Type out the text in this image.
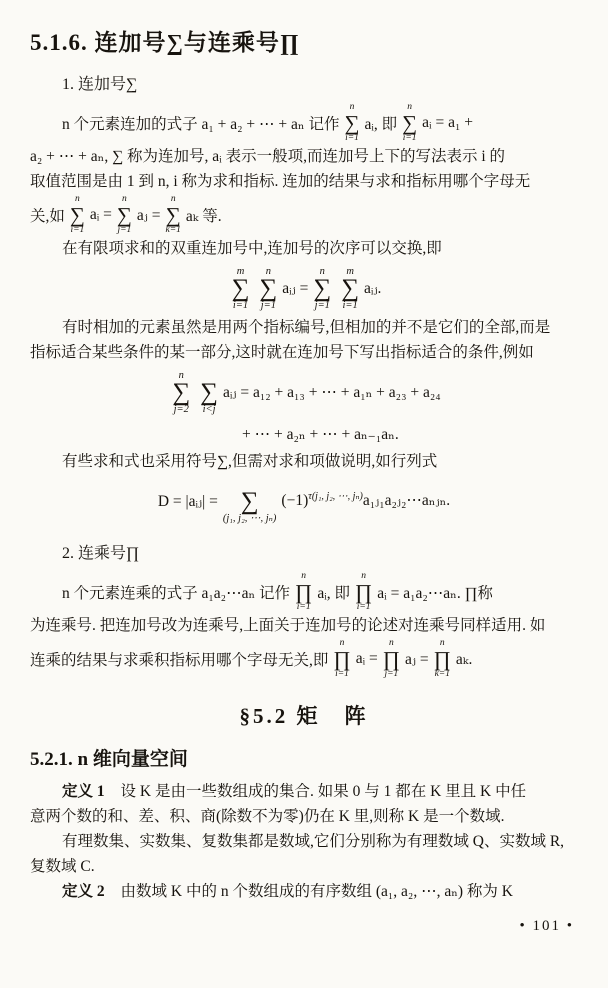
5.1.6. 连加号∑与连乘号∏
1. 连加号∑
n 个元素连加的式子 a₁ + a₂ + ⋯ + aₙ 记作
n
∑
i=1
aᵢ, 即
n
∑
i=1
aᵢ = a₁ +
a₂ + ⋯ + aₙ, ∑ 称为连加号, aᵢ 表示一般项,而连加号上下的写法表示 i 的
取值范围是由 1 到 n, i 称为求和指标. 连加的结果与求和指标用哪个字母无
关,如
n
∑
i=1
aᵢ =
n
∑
j=1
aⱼ =
n
∑
k=1
aₖ 等.
在有限项求和的双重连加号中,连加号的次序可以交换,即
m
∑
i=1
n
∑
j=1
aᵢⱼ =
n
∑
j=1
m
∑
i=1
aᵢⱼ.
有时相加的元素虽然是用两个指标编号,但相加的并不是它们的全部,而是
指标适合某些条件的某一部分,这时就在连加号下写出指标适合的条件,例如
n
∑
j=2
∑
i<j
aᵢⱼ = a₁₂ + a₁₃ + ⋯ + a₁ₙ + a₂₃ + a₂₄
+ ⋯ + a₂ₙ + ⋯ + aₙ₋₁aₙ.
有些求和式也采用符号∑,但需对求和项做说明,如行列式
D = |aᵢⱼ| = ∑
(j₁, j₂, ⋯, jₙ)
$(-1)^{\tau(j_1, j_2, \cdots, j_n)}a_1ⱼ_1a_2ⱼ_2\cdots a_nⱼ_n$.
2. 连乘号∏
n 个元素连乘的式子 a₁a₂⋯aₙ 记作
n
∏
i=1
aᵢ, 即
n
∏
i=1
aᵢ = a₁a₂⋯aₙ. ∏称
为连乘号. 把连加号改为连乘号,上面关于连加号的论述对连乘号同样适用. 如
连乘的结果与求乘积指标用哪个字母无关,即
n
∏
i=1
aᵢ =
n
∏
j=1
aⱼ =
n
∏
k=1
aₖ.
§5.2 矩　阵
5.2.1. n 维向量空间
定义 1 设 K 是由一些数组成的集合. 如果 0 与 1 都在 K 里且 K 中任
意两个数的和、差、积、商(除数不为零)仍在 K 里,则称 K 是一个数域.
有理数集、实数集、复数集都是数域,它们分别称为有理数域 Q、实数域 R,
复数域 C.
定义 2 由数域 K 中的 n 个数组成的有序数组 (a₁, a₂, ⋯, aₙ) 称为 K
• 101 •
